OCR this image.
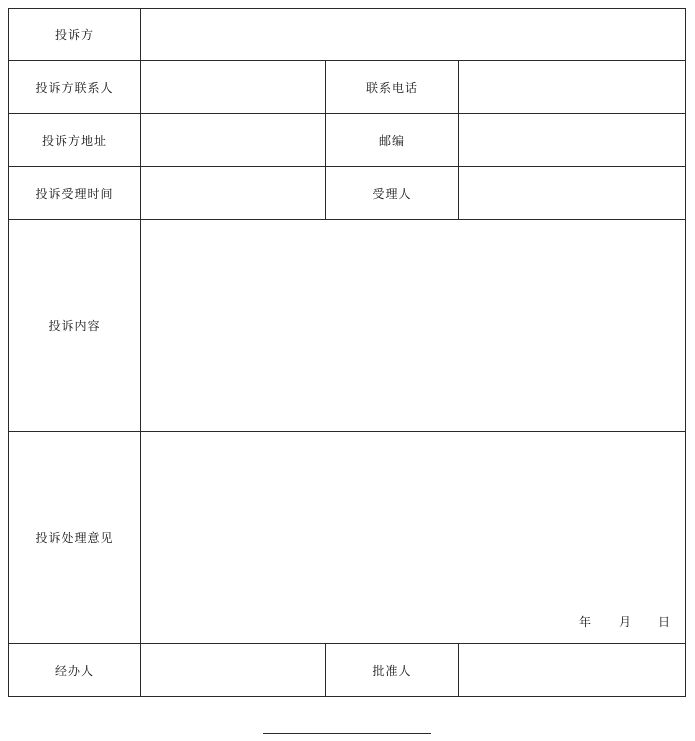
投诉方
投诉方联系人	联系电话
投诉方地址	邮编
投诉受理时间	受理人
投诉内容
投诉处理意见
年 月 日
经办人	批准人
